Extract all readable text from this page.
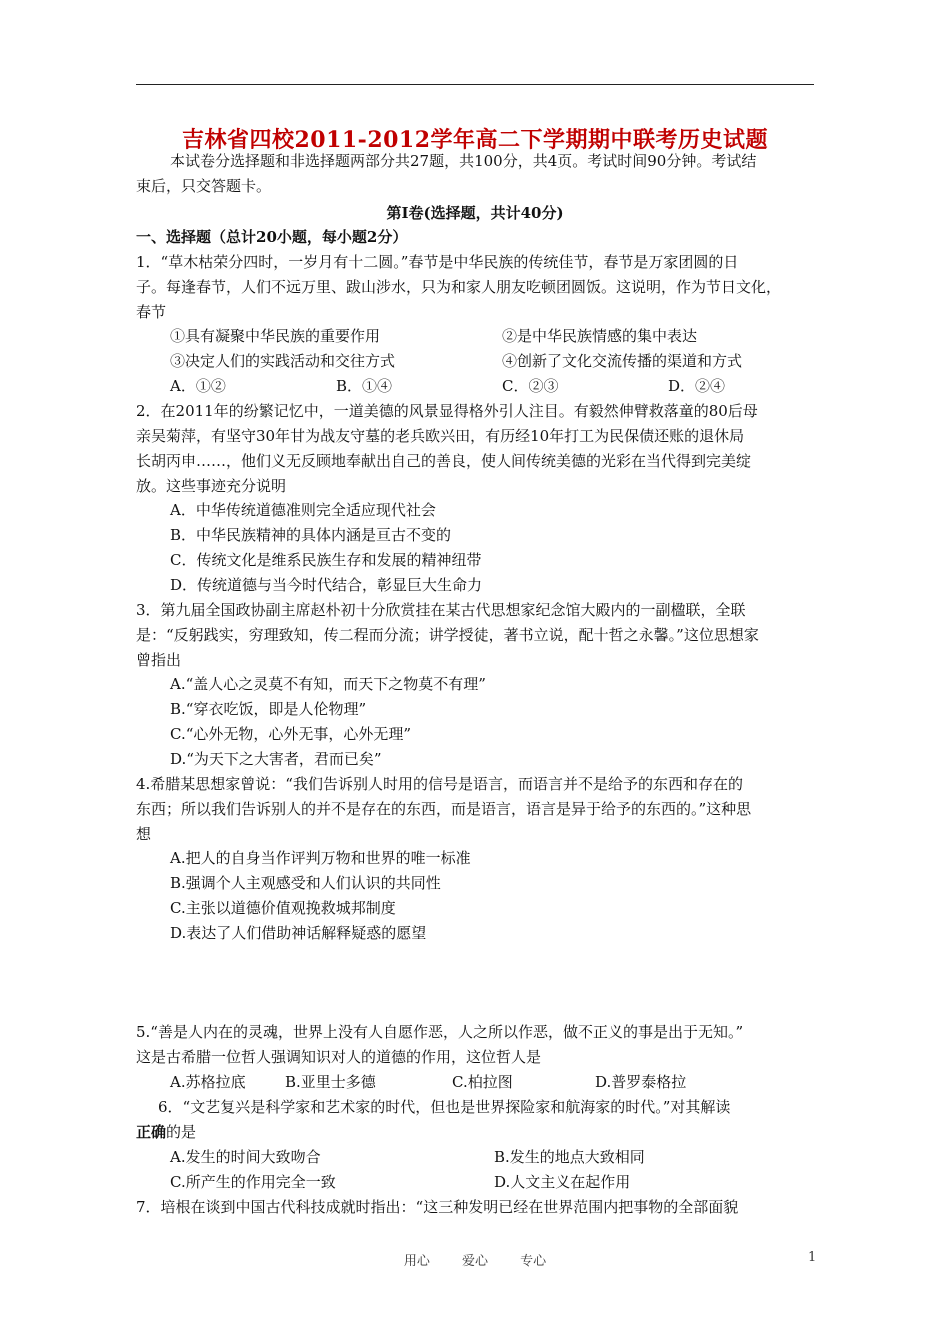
吉林省四校2011-2012学年高二下学期期中联考历史试题
本试卷分选择题和非选择题两部分共27题，共100分，共4页。考试时间90分钟。考试结
束后，只交答题卡。
第Ⅰ卷(选择题，共计40分)
一、选择题（总计20小题，每小题2分）
1．“草木枯荣分四时，一岁月有十二圆。”春节是中华民族的传统佳节，春节是万家团圆的日
子。每逢春节，人们不远万里、跋山涉水，只为和家人朋友吃顿团圆饭。这说明，作为节日文化，
春节
①具有凝聚中华民族的重要作用	②是中华民族情感的集中表达
③决定人们的实践活动和交往方式	④创新了文化交流传播的渠道和方式
A．①②	B．①④	C．②③	D．②④
2．在2011年的纷繁记忆中，一道美德的风景显得格外引人注目。有毅然伸臂救落童的80后母
亲吴菊萍，有坚守30年甘为战友守墓的老兵欧兴田，有历经10年打工为民保债还账的退休局
长胡丙申……，他们义无反顾地奉献出自己的善良，使人间传统美德的光彩在当代得到完美绽
放。这些事迹充分说明
A．中华传统道德准则完全适应现代社会
B．中华民族精神的具体内涵是亘古不变的
C．传统文化是维系民族生存和发展的精神纽带
D．传统道德与当今时代结合，彰显巨大生命力
3．第九届全国政协副主席赵朴初十分欣赏挂在某古代思想家纪念馆大殿内的一副楹联，全联
是：“反躬践实，穷理致知，传二程而分流；讲学授徒，著书立说，配十哲之永馨。”这位思想家
曾指出
A.“盖人心之灵莫不有知，而天下之物莫不有理”
B.“穿衣吃饭，即是人伦物理”
C.“心外无物，心外无事，心外无理”
D.“为天下之大害者，君而已矣”
4.希腊某思想家曾说：“我们告诉别人时用的信号是语言，而语言并不是给予的东西和存在的
东西；所以我们告诉别人的并不是存在的东西，而是语言，语言是异于给予的东西的。”这种思
想
A.把人的自身当作评判万物和世界的唯一标准
B.强调个人主观感受和人们认识的共同性
C.主张以道德价值观挽救城邦制度
D.表达了人们借助神话解释疑惑的愿望
5.“善是人内在的灵魂，世界上没有人自愿作恶，人之所以作恶，做不正义的事是出于无知。”
这是古希腊一位哲人强调知识对人的道德的作用，这位哲人是
A.苏格拉底	B.亚里士多德	C.柏拉图	D.普罗泰格拉
6．“文艺复兴是科学家和艺术家的时代，但也是世界探险家和航海家的时代。”对其解读
正确的是
A.发生的时间大致吻合	B.发生的地点大致相同
C.所产生的作用完全一致	D.人文主义在起作用
7．培根在谈到中国古代科技成就时指出：“这三种发明已经在世界范围内把事物的全部面貌
用心 爱心 专心	1
